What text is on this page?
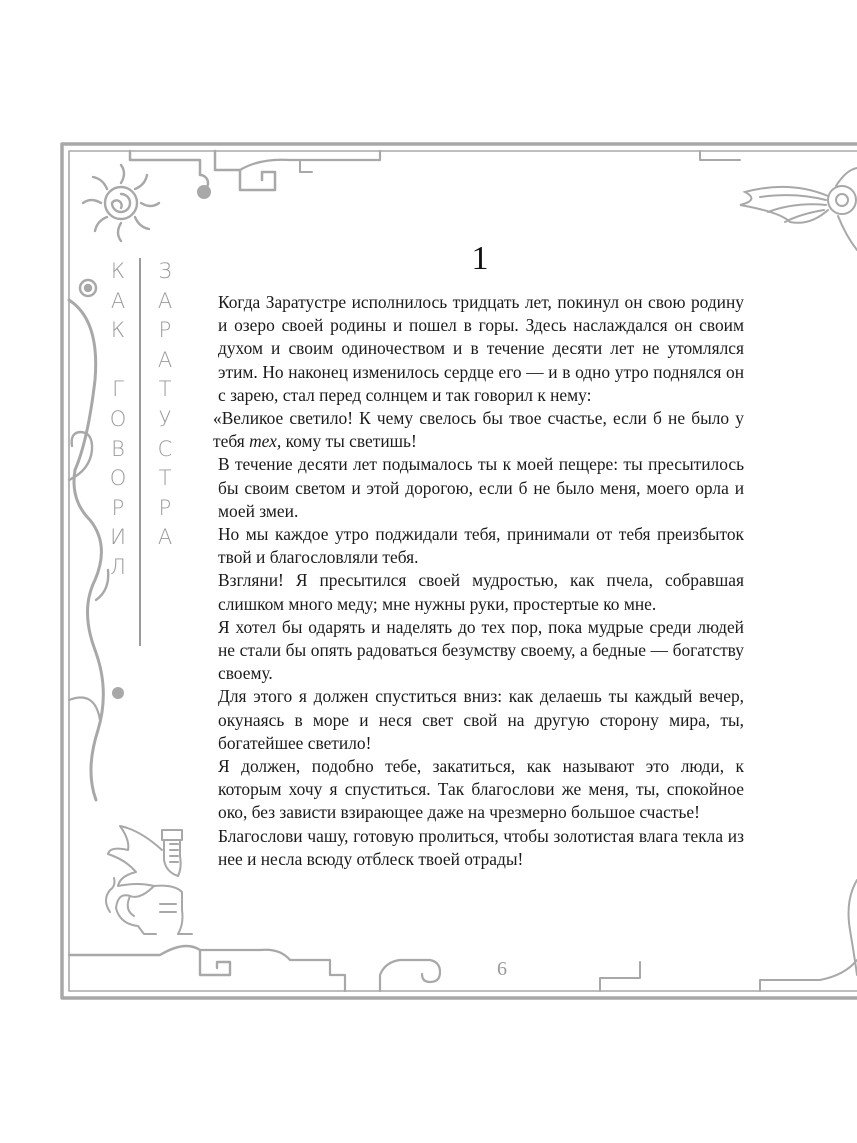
К
А
К
Г
О
В
О
Р
И
Л
З
А
Р
А
Т
У
С
Т
Р
А
1

Когда Заратустре исполнилось тридцать лет, покинул он свою родину и озеро своей родины и пошел в горы. Здесь наслаждался он своим духом и своим одиночеством и в течение десяти лет не утомлялся этим. Но наконец изменилось сердце его — и в одно утро поднялся он с зарею, стал перед солнцем и так говорил к нему:

«Великое светило! К чему свелось бы твое счастье, если б не было у тебя тех, кому ты светишь!

В течение десяти лет подымалось ты к моей пещере: ты пресытилось бы своим светом и этой дорогою, если б не было меня, моего орла и моей змеи.

Но мы каждое утро поджидали тебя, принимали от тебя преизбыток твой и благословляли тебя.

Взгляни! Я пресытился своей мудростью, как пчела, собравшая слишком много меду; мне нужны руки, простертые ко мне.

Я хотел бы одарять и наделять до тех пор, пока мудрые среди людей не стали бы опять радоваться безумству своему, а бедные — богатству своему.

Для этого я должен спуститься вниз: как делаешь ты каждый вечер, окунаясь в море и неся свет свой на другую сторону мира, ты, богатейшее светило!

Я должен, подобно тебе, закатиться, как называют это люди, к которым хочу я спуститься. Так благослови же меня, ты, спокойное око, без зависти взирающее даже на чрезмерно большое счастье!

Благослови чашу, готовую пролиться, чтобы золотистая влага текла из нее и несла всюду отблеск твоей отрады!

6
